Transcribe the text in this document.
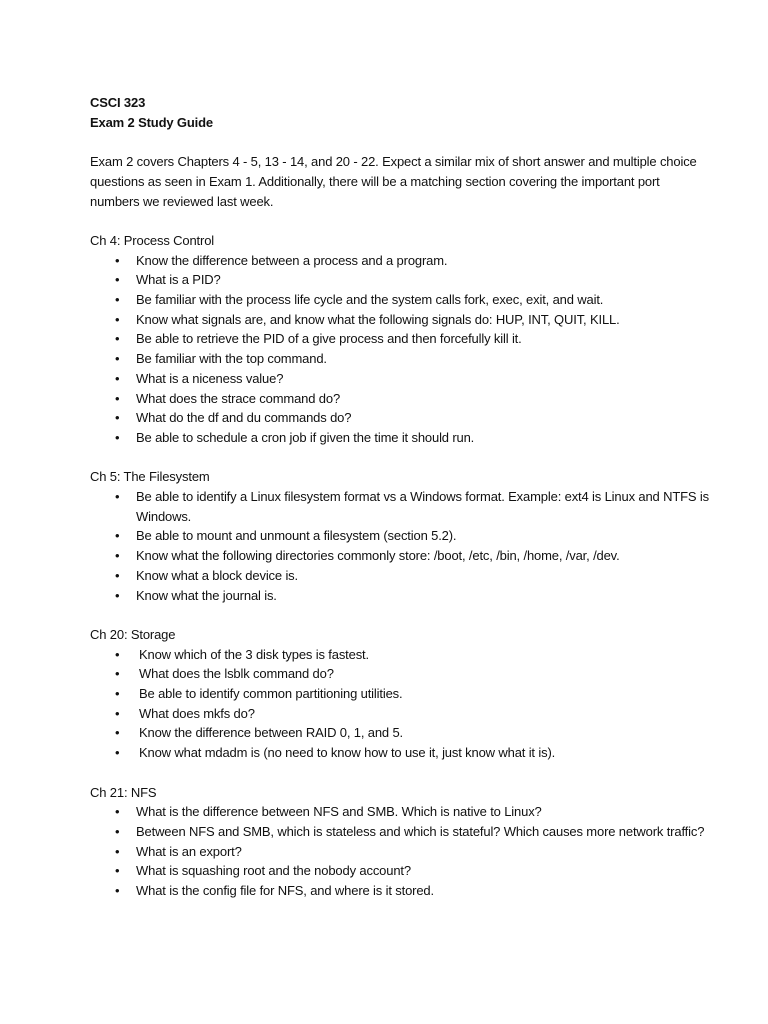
CSCI 323

Exam 2 Study Guide

Exam 2 covers Chapters 4 - 5, 13 - 14, and 20 - 22. Expect a similar mix of short answer and multiple choice questions as seen in Exam 1. Additionally, there will be a matching section covering the important port numbers we reviewed last week.

Ch 4: Process Control

• Know the difference between a process and a program.
• What is a PID?
• Be familiar with the process life cycle and the system calls fork, exec, exit, and wait.
• Know what signals are, and know what the following signals do: HUP, INT, QUIT, KILL.
• Be able to retrieve the PID of a give process and then forcefully kill it.
• Be familiar with the top command.
• What is a niceness value?
• What does the strace command do?
• What do the df and du commands do?
• Be able to schedule a cron job if given the time it should run.

Ch 5: The Filesystem

• Be able to identify a Linux filesystem format vs a Windows format. Example: ext4 is Linux and NTFS is Windows.
• Be able to mount and unmount a filesystem (section 5.2).
• Know what the following directories commonly store: /boot, /etc, /bin, /home, /var, /dev.
• Know what a block device is.
• Know what the journal is.

Ch 20: Storage

• Know which of the 3 disk types is fastest.
• What does the lsblk command do?
• Be able to identify common partitioning utilities.
• What does mkfs do?
• Know the difference between RAID 0, 1, and 5.
• Know what mdadm is (no need to know how to use it, just know what it is).

Ch 21: NFS

• What is the difference between NFS and SMB. Which is native to Linux?
• Between NFS and SMB, which is stateless and which is stateful? Which causes more network traffic?
• What is an export?
• What is squashing root and the nobody account?
• What is the config file for NFS, and where is it stored.
